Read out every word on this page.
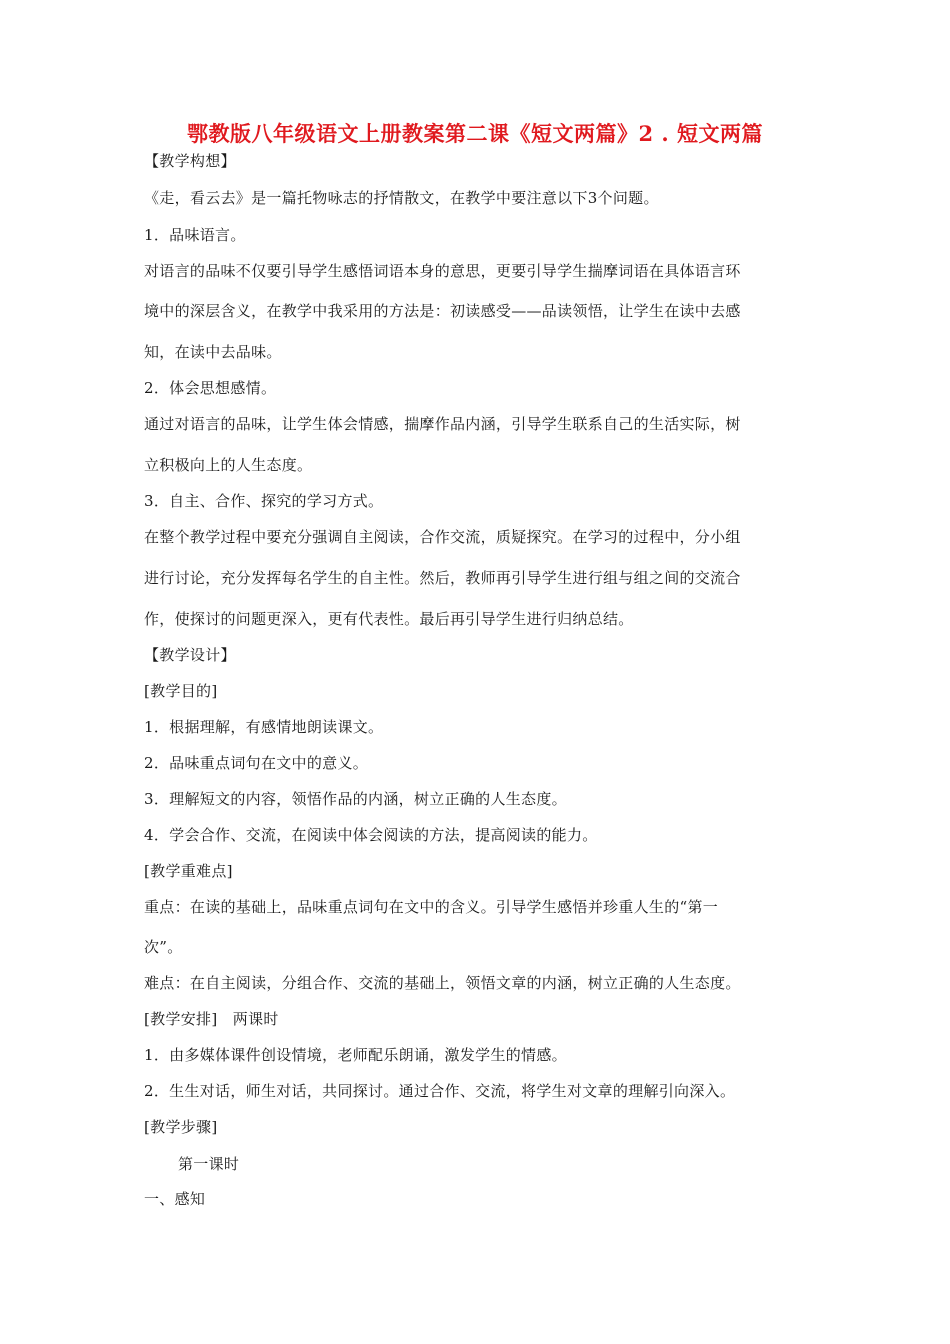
鄂教版八年级语文上册教案第二课《短文两篇》2 . 短文两篇
【教学构想】
《走，看云去》是一篇托物咏志的抒情散文，在教学中要注意以下3个问题。
1．品味语言。
对语言的品味不仅要引导学生感悟词语本身的意思，更要引导学生揣摩词语在具体语言环
境中的深层含义，在教学中我采用的方法是：初读感受——品读领悟，让学生在读中去感
知，在读中去品味。
2．体会思想感情。
通过对语言的品味，让学生体会情感，揣摩作品内涵，引导学生联系自己的生活实际，树
立积极向上的人生态度。
3．自主、合作、探究的学习方式。
在整个教学过程中要充分强调自主阅读，合作交流，质疑探究。在学习的过程中，分小组
进行讨论，充分发挥每名学生的自主性。然后，教师再引导学生进行组与组之间的交流合
作，使探讨的问题更深入，更有代表性。最后再引导学生进行归纳总结。
【教学设计】
[教学目的]
1．根据理解，有感情地朗读课文。
2．品味重点词句在文中的意义。
3．理解短文的内容，领悟作品的内涵，树立正确的人生态度。
4．学会合作、交流，在阅读中体会阅读的方法，提高阅读的能力。
[教学重难点]
重点：在读的基础上，品味重点词句在文中的含义。引导学生感悟并珍重人生的“第一
次”。
难点：在自主阅读，分组合作、交流的基础上，领悟文章的内涵，树立正确的人生态度。
[教学安排]　两课时
1．由多媒体课件创设情境，老师配乐朗诵，激发学生的情感。
2．生生对话，师生对话，共同探讨。通过合作、交流，将学生对文章的理解引向深入。
[教学步骤]
第一课时
一、感知
